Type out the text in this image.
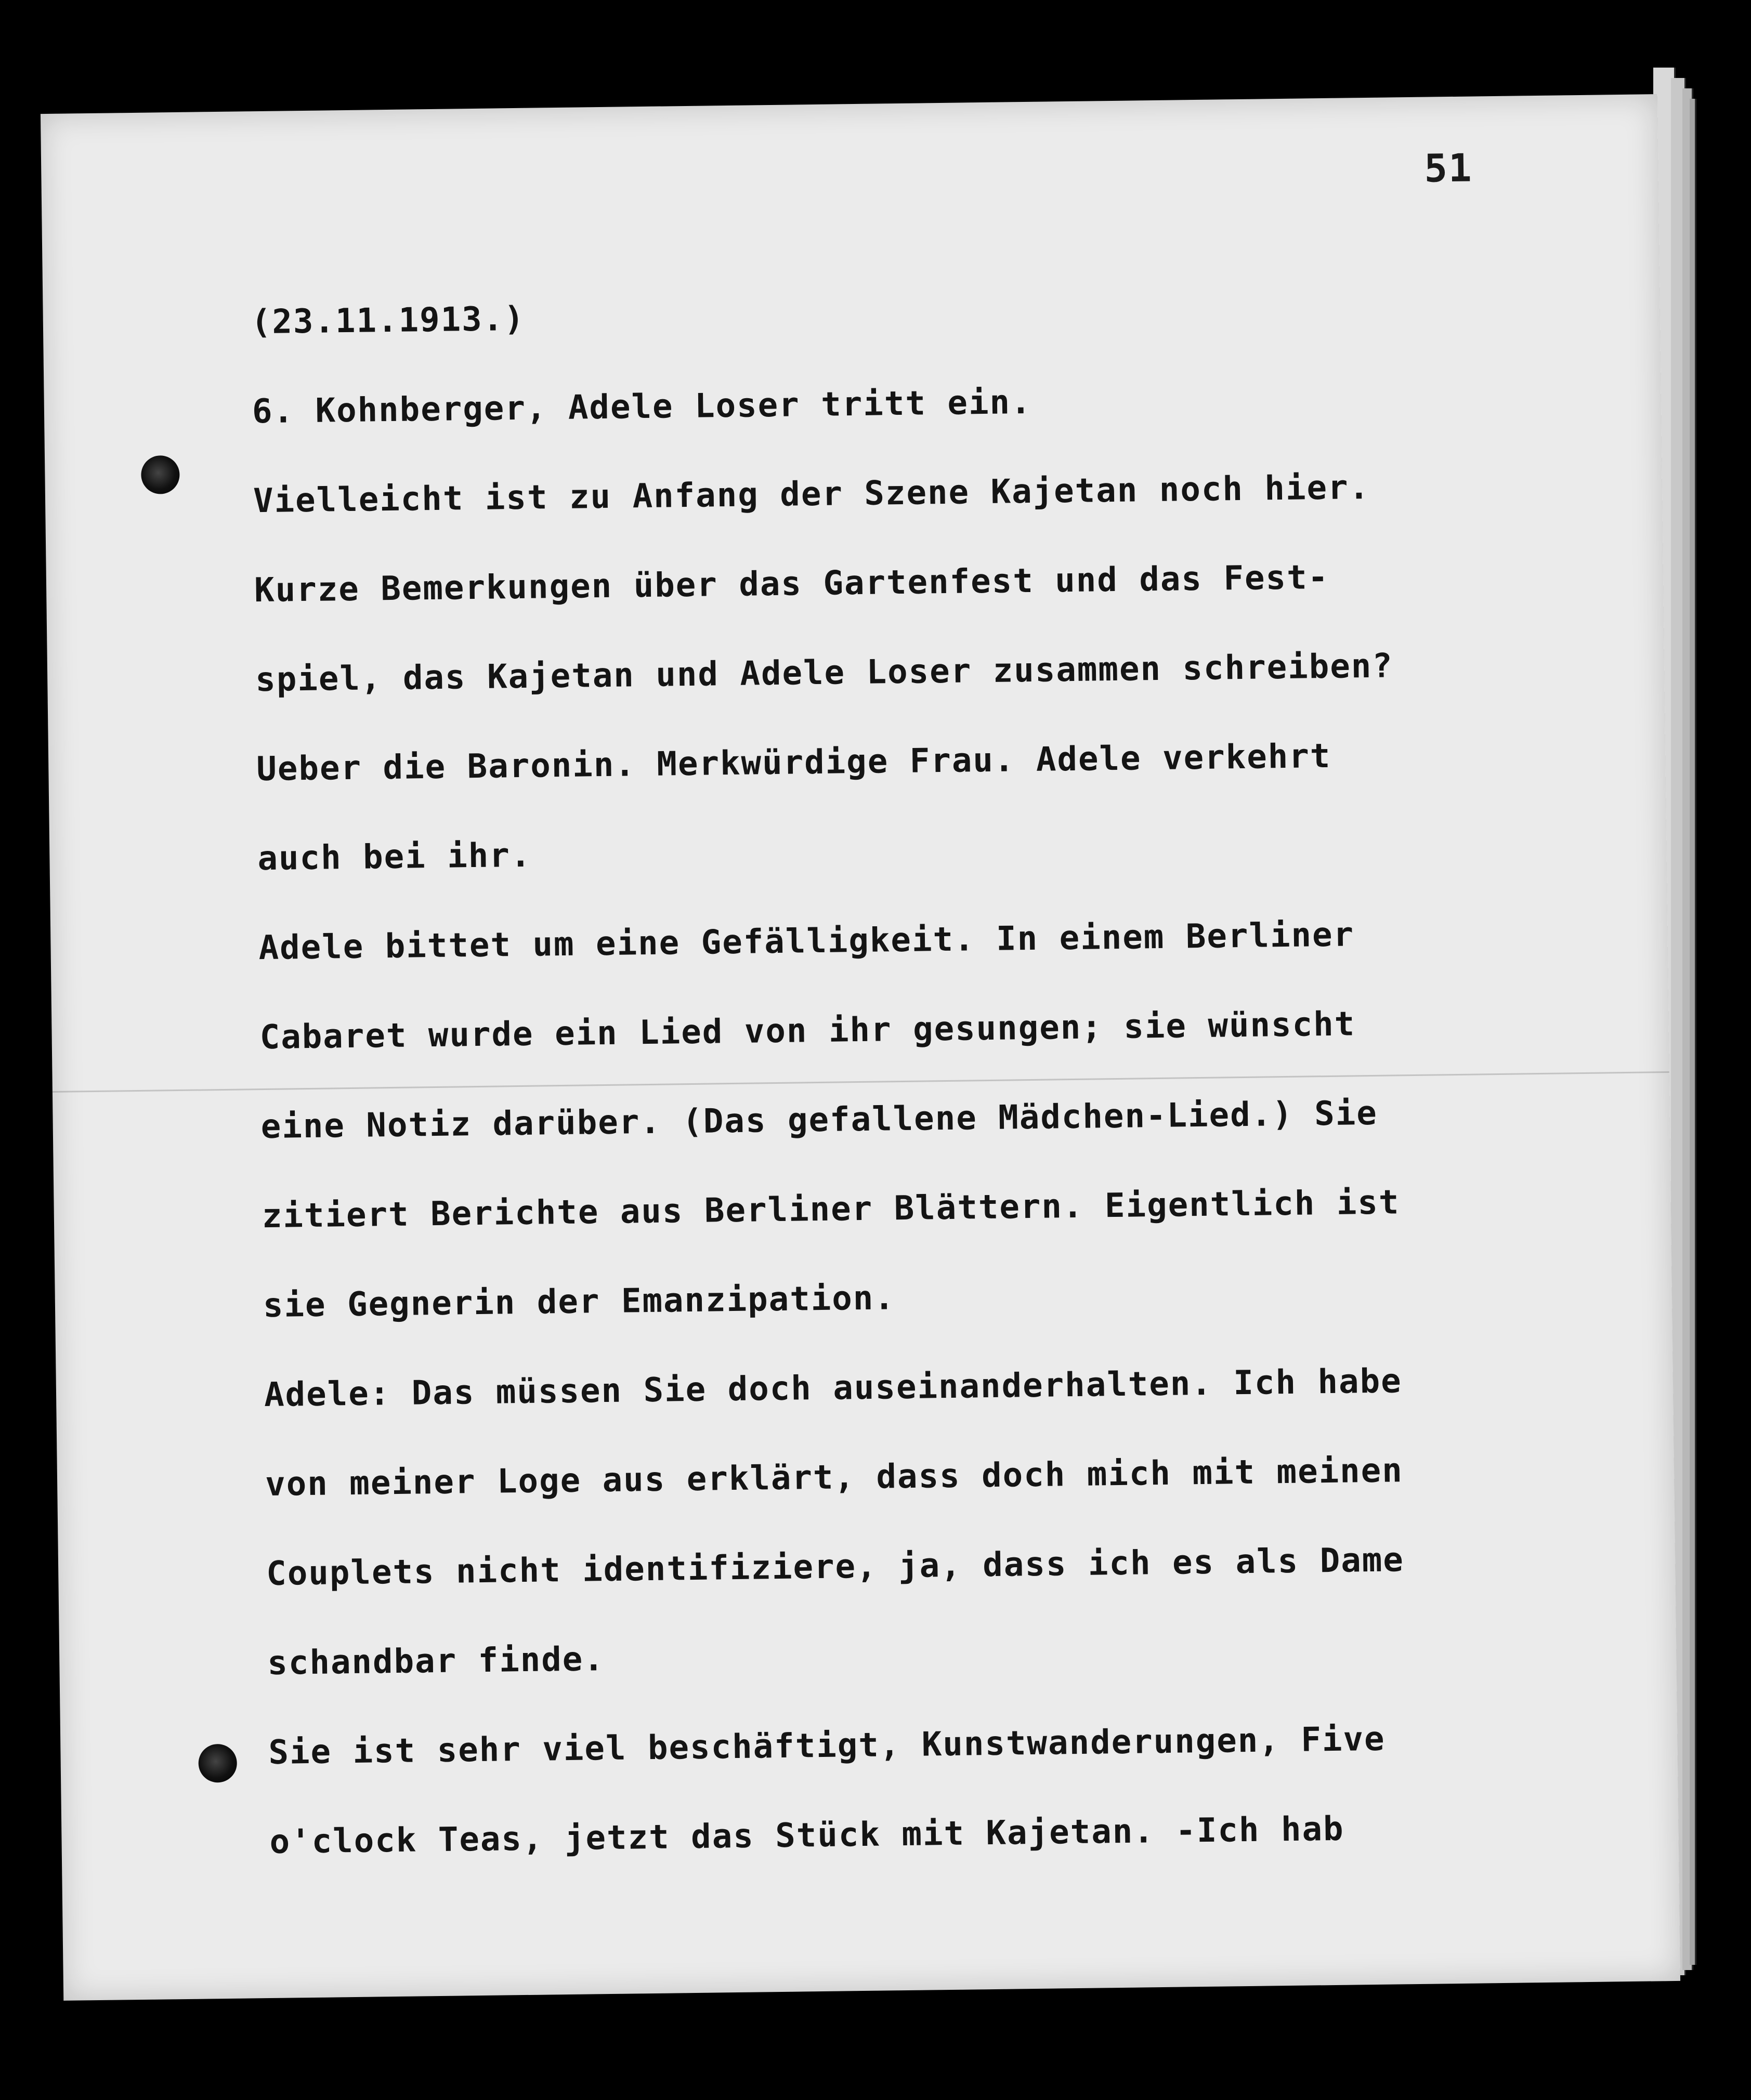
51
(23.11.1913.)
6. Kohnberger, Adele Loser tritt ein.
Vielleicht ist zu Anfang der Szene Kajetan noch hier.
Kurze Bemerkungen über das Gartenfest und das Fest-
spiel, das Kajetan und Adele Loser zusammen schreiben?
Ueber die Baronin. Merkwürdige Frau. Adele verkehrt
auch bei ihr.
Adele bittet um eine Gefälligkeit. In einem Berliner
Cabaret wurde ein Lied von ihr gesungen; sie wünscht
eine Notiz darüber. (Das gefallene Mädchen-Lied.) Sie
zitiert Berichte aus Berliner Blättern. Eigentlich ist
sie Gegnerin der Emanzipation.
Adele: Das müssen Sie doch auseinanderhalten. Ich habe
von meiner Loge aus erklärt, dass doch mich mit meinen
Couplets nicht identifiziere, ja, dass ich es als Dame
schandbar finde.
Sie ist sehr viel beschäftigt, Kunstwanderungen, Five
o'clock Teas, jetzt das Stück mit Kajetan. -Ich hab
